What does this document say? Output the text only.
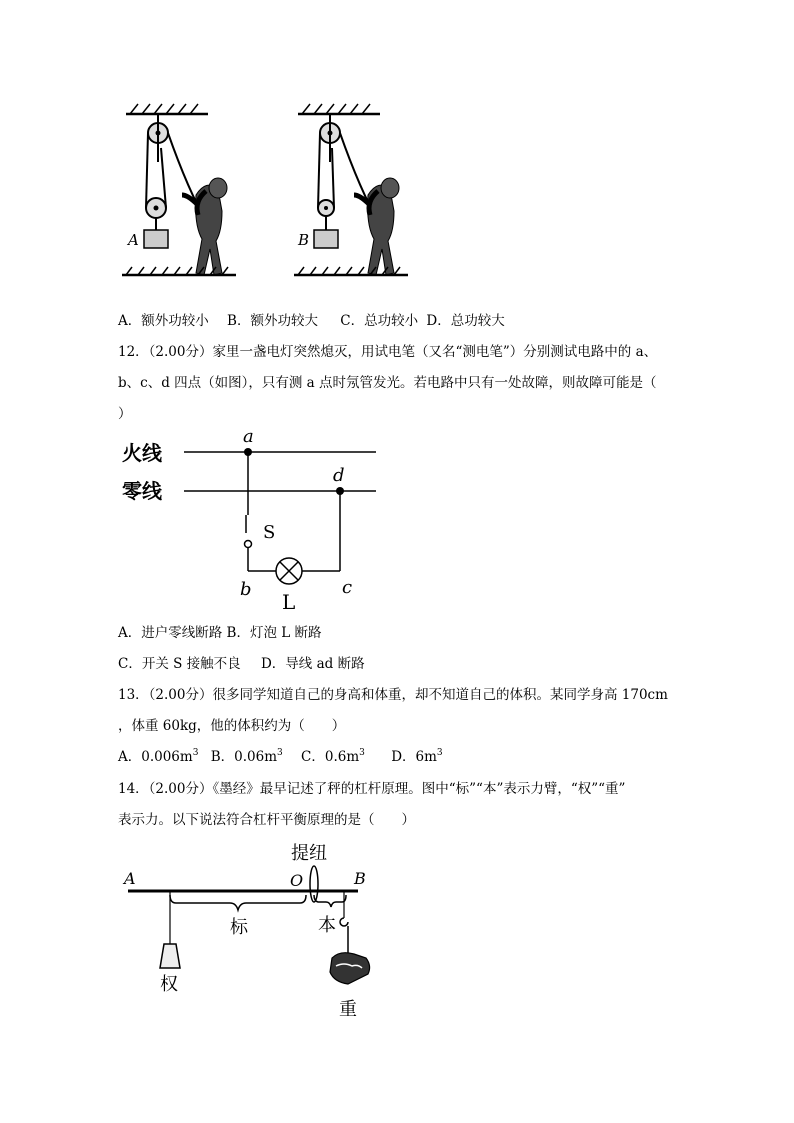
A	B
A．额外功较小 B．额外功较大 C．总功较小 D．总功较大
12．（2.00分）家里一盏电灯突然熄灭，用试电笔（又名“测电笔”）分别测试电路中的 a、
b、c、d 四点（如图），只有测 a 点时氖管发光。若电路中只有一处故障，则故障可能是（
）
火线
零线
a
d
S
b	c
L
A．进户零线断路 B．灯泡 L 断路
C．开关 S 接触不良 D．导线 ad 断路
13．（2.00分）很多同学知道自己的身高和体重，却不知道自己的体积。某同学身高 170cm
，体重 60kg，他的体积约为（　　）
A．$0.006m^3$ B．$0.06m^3$ C．$0.6m^3$ D．$6m^3$
14．（2.00分）《墨经》最早记述了秤的杠杆原理。图中“标”“本”表示力臂，“权”“重”
表示力。以下说法符合杠杆平衡原理的是（　　）
提纽
A	O	B
标	本
权
重
